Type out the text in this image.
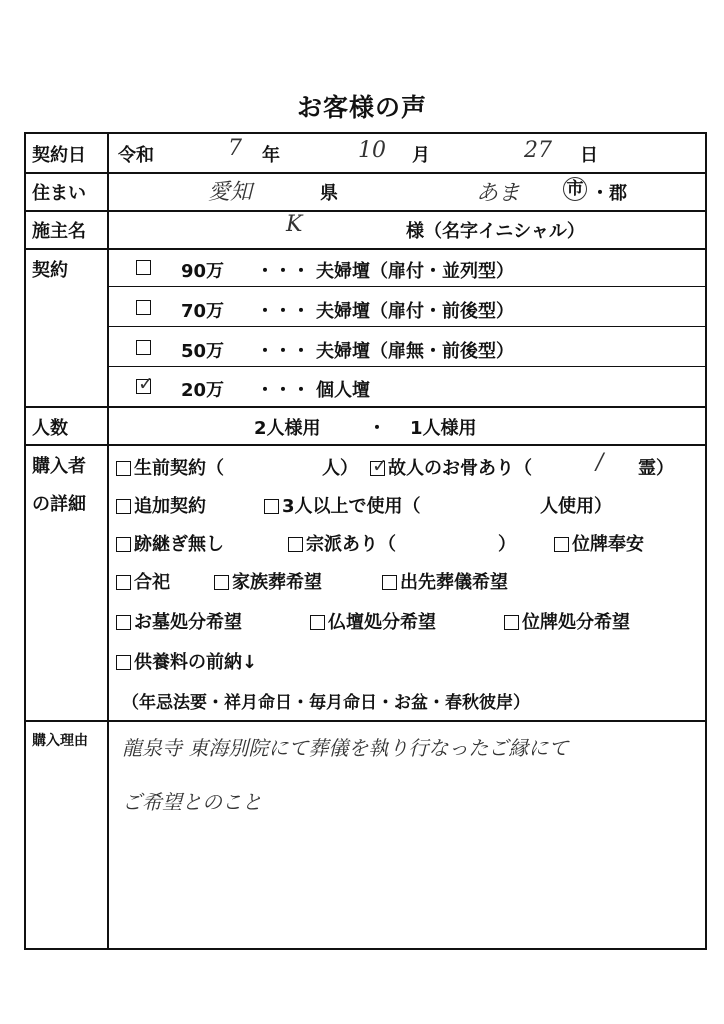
お客様の声
契約日 令和	7 年	10 月	27 日
住まい	愛知	県	あま	市 ・郡
施主名	K	様（名字イニシャル）
契約	90万 ・・・ 夫婦壇（扉付・並列型）
70万 ・・・ 夫婦壇（扉付・前後型）
50万 ・・・ 夫婦壇（扉無・前後型）
✓ 20万 ・・・ 個人壇
人数	2人様用	・ 1人様用
購入者
の詳細
生前契約（	人） ✓ 故人のお骨あり（	/ 霊）
追加契約	3人以上で使用（	人使用）
跡継ぎ無し	宗派あり（	）	位牌奉安
合祀	家族葬希望	出先葬儀希望
お墓処分希望	仏壇処分希望	位牌処分希望
供養料の前納↓
（年忌法要・祥月命日・毎月命日・お盆・春秋彼岸）
購入理由 龍泉寺 東海別院にて葬儀を執り行なったご縁にて
ご希望とのこと
